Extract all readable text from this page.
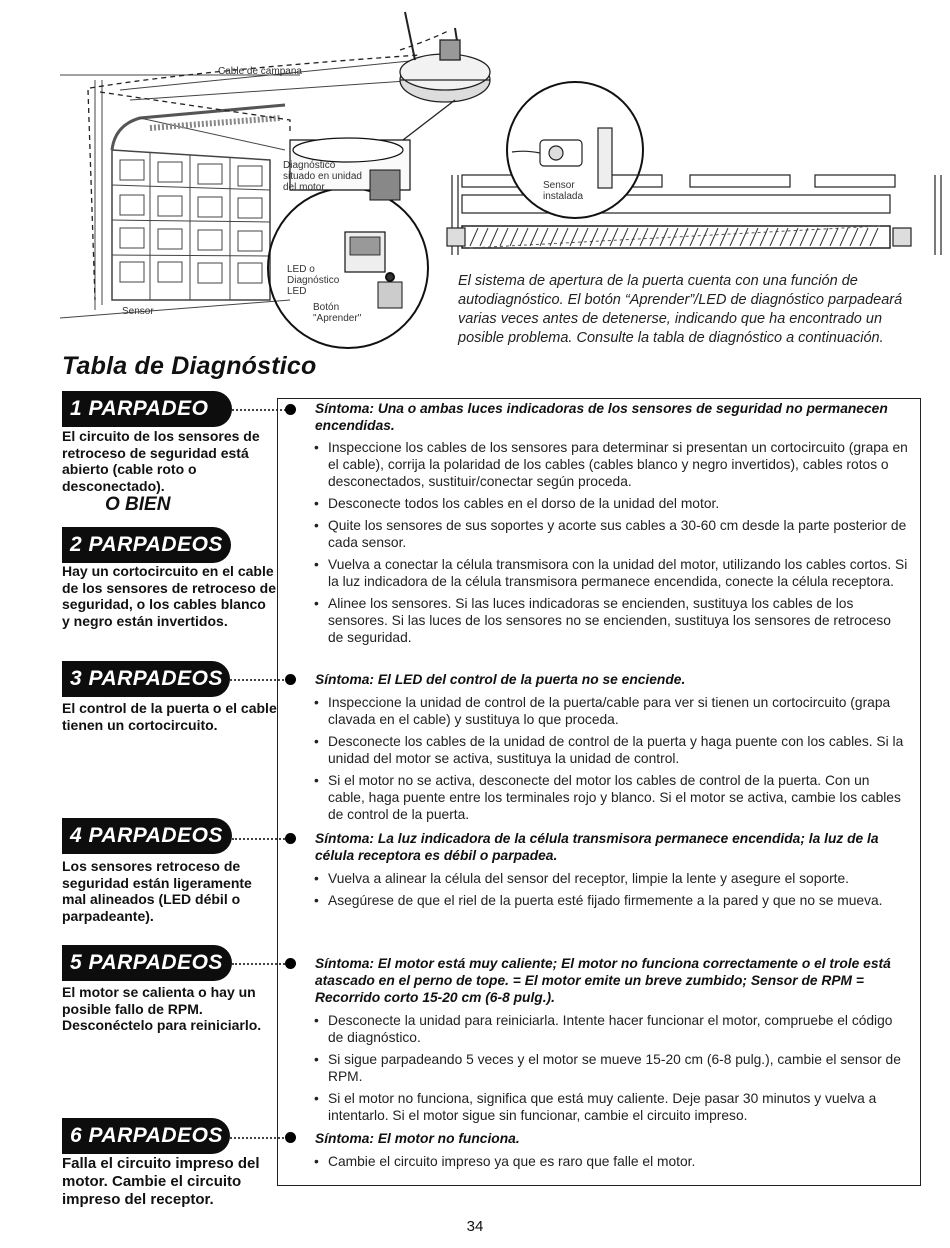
Cable de campana
Sensor
Diagnóstico situado en unidad del motor
LED o Diagnóstico LED
Botón "Aprender"
Sensor instalada
El sistema de apertura de la puerta cuenta con una función de autodiagnóstico. El botón “Aprender”/LED de diagnóstico parpadeará varias veces antes de detenerse, indicando que ha encontrado un posible problema. Consulte la tabla de diagnóstico a continuación.
Tabla de Diagnóstico
1 PARPADEO
El circuito de los sensores de retroceso de seguridad está abierto (cable roto o desconectado).
O BIEN
2 PARPADEOS
Hay un cortocircuito en el cable de los sensores de retroceso de seguridad, o los cables blanco y negro están invertidos.
3 PARPADEOS
El control de la puerta o el cable tienen un cortocircuito.
4 PARPADEOS
Los sensores retroceso de seguridad están ligeramente mal alineados (LED débil o parpadeante).
5 PARPADEOS
El motor se calienta o hay un posible fallo de RPM. Desconéctelo para reiniciarlo.
6 PARPADEOS
Falla el circuito impreso del motor. Cambie el circuito impreso del receptor.
Síntoma: Una o ambas luces indicadoras de los sensores de seguridad no permanecen encendidas.
• Inspeccione los cables de los sensores para determinar si presentan un cortocircuito (grapa en el cable), corrija la polaridad de los cables (cables blanco y negro invertidos), cables rotos o desconectados, sustituir/conectar según proceda.
• Desconecte todos los cables en el dorso de la unidad del motor.
• Quite los sensores de sus soportes y acorte sus cables a 30-60 cm desde la parte posterior de cada sensor.
• Vuelva a conectar la célula transmisora con la unidad del motor, utilizando los cables cortos. Si la luz indicadora de la célula transmisora permanece encendida, conecte la célula receptora.
• Alinee los sensores. Si las luces indicadoras se encienden, sustituya los cables de los sensores. Si las luces de los sensores no se encienden, sustituya los sensores de retroceso de seguridad.
Síntoma: El LED del control de la puerta no se enciende.
• Inspeccione la unidad de control de la puerta/cable para ver si tienen un cortocircuito (grapa clavada en el cable) y sustituya lo que proceda.
• Desconecte los cables de la unidad de control de la puerta y haga puente con los cables. Si la unidad del motor se activa, sustituya la unidad de control.
• Si el motor no se activa, desconecte del motor los cables de control de la puerta. Con un cable, haga puente entre los terminales rojo y blanco. Si el motor se activa, cambie los cables de control de la puerta.
Síntoma: La luz indicadora de la célula transmisora permanece encendida; la luz de la célula receptora es débil o parpadea.
• Vuelva a alinear la célula del sensor del receptor, limpie la lente y asegure el soporte.
• Asegúrese de que el riel de la puerta esté fijado firmemente a la pared y que no se mueva.
Síntoma: El motor está muy caliente; El motor no funciona correctamente o el trole está atascado en el perno de tope. = El motor emite un breve zumbido; Sensor de RPM = Recorrido corto 15-20 cm (6-8 pulg.).
• Desconecte la unidad para reiniciarla. Intente hacer funcionar el motor, compruebe el código de diagnóstico.
• Si sigue parpadeando 5 veces y el motor se mueve 15-20 cm (6-8 pulg.), cambie el sensor de RPM.
• Si el motor no funciona, significa que está muy caliente. Deje pasar 30 minutos y vuelva a intentarlo. Si el motor sigue sin funcionar, cambie el circuito impreso.
Síntoma: El motor no funciona.
• Cambie el circuito impreso ya que es raro que falle el motor.
34
